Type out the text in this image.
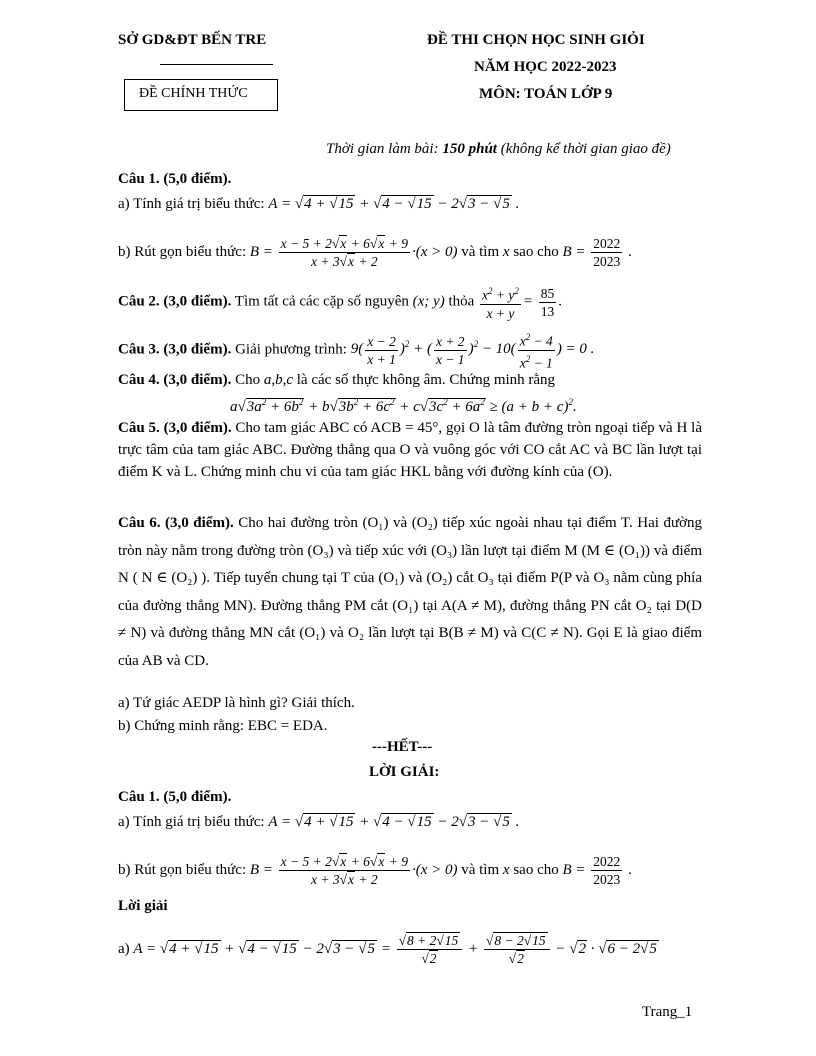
SỞ GD&ĐT BẾN TRE	ĐỀ THI CHỌN HỌC SINH GIỎI
NĂM HỌC 2022-2023
ĐỀ CHÍNH THỨC	MÔN: TOÁN LỚP 9
Thời gian làm bài: 150 phút (không kể thời gian giao đề)
Câu 1. (5,0 điểm).
a) Tính giá trị biểu thức: A = √4 + √15 + √4 − √15 − 2√3 − √5 .
b) Rút gọn biểu thức: $B = \frac{x - 5 + 2√x + 6√x + 9}{x + 3√x + 2} \cdot(x > 0)$ và tìm x sao cho $B = \frac{2022}{2023}$ .
Câu 2. (3,0 điểm). Tìm tất cả các cặp số nguyên (x; y) thỏa $\frac{x^2 + y^2}{x + y} = \frac{85}{13}$ .
Câu 3. (3,0 điểm). Giải phương trình: $9( \frac{x - 2}{x + 1} )^2$ + ( $\frac{x + 2}{x - 1} )^2 - 10( \frac{x^2 - 4}{x^2 - 1}$ ) = 0 .
Câu 4. (3,0 điểm). Cho a,b,c là các số thực không âm. Chứng minh rằng
$a√3a^2 + 6b^2 + b√3b^2 + 6c^2 + c√3c^2 + 6a^2 \ge (a + b + c)^2$.
Câu 5. (3,0 điểm). Cho tam giác ABC có ACB = 45°, gọi O là tâm đường tròn ngoại tiếp và H là trực tâm của tam giác ABC. Đường thẳng qua O và vuông góc với CO cắt AC và BC lần lượt tại điểm K và L. Chứng minh chu vi của tam giác HKL bằng với đường kính của (O).
Câu 6. (3,0 điểm). Cho hai đường tròn (O₁) và (O₂) tiếp xúc ngoài nhau tại điểm T. Hai đường tròn này nằm trong đường tròn (O₃) và tiếp xúc với (O₃) lần lượt tại điểm M (M ∈ (O₁)) và điểm N ( N ∈ (O₂) ). Tiếp tuyến chung tại T của (O₁) và (O₂) cắt O₃ tại điểm P(P và O₃ nằm cùng phía của đường thẳng MN). Đường thẳng PM cắt (O₁) tại A(A ≠ M), đường thẳng PN cắt O₂ tại D(D ≠ N) và đường thẳng MN cắt (O₁) và O₂ lần lượt tại B(B ≠ M) và C(C ≠ N). Gọi E là giao điểm của AB và CD.
a) Tứ giác AEDP là hình gì? Giải thích.
b) Chứng minh rằng: EBC = EDA.
---HẾT---
LỜI GIẢI:
Câu 1. (5,0 điểm).
a) Tính giá trị biểu thức: A = √4 + √15 + √4 − √15 − 2√3 − √5 .
b) Rút gọn biểu thức: $B = \frac{x - 5 + 2√x + 6√x + 9}{x + 3√x + 2} \cdot(x > 0)$ và tìm x sao cho $B = \frac{2022}{2023}$ .
Lời giải
a) $A = √4 + √15 + √4 - √15 - 2√3 - √5 = \frac{√8 + 2√15}{√2} + \frac{√8 - 2√15}{√2} - √2 \cdot √6 - 2√5$
Trang_1
